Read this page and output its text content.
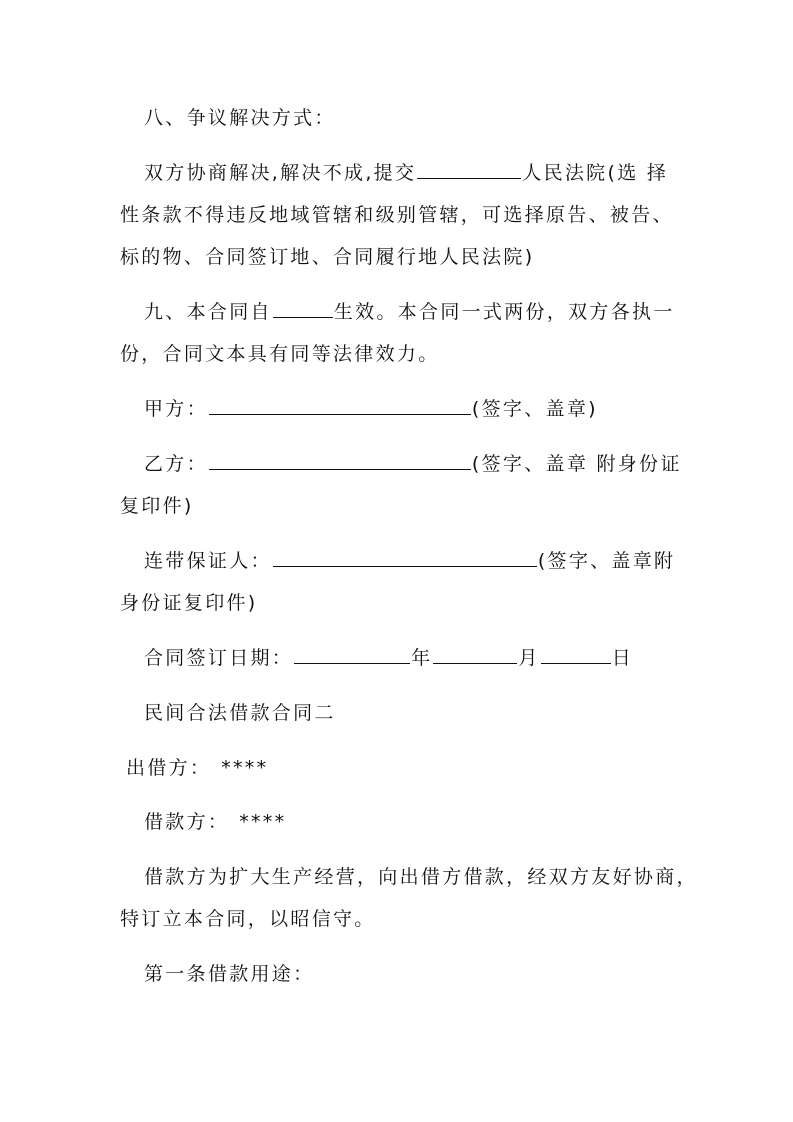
八、争议解决方式：
双方协商解决,解决不成,提交	人民法院(选 择
性条款不得违反地域管辖和级别管辖，可选择原告、被告、
标的物、合同签订地、合同履行地人民法院)
九、本合同自	生效。本合同一式两份，双方各执一
份，合同文本具有同等法律效力。
甲方：	(签字、盖章)
乙方：	(签字、盖章 附身份证
复印件)
连带保证人：	(签字、盖章附
身份证复印件)
合同签订日期：	年	月	日
民间合法借款合同二
出借方： ****
借款方： ****
借款方为扩大生产经营，向出借方借款，经双方友好协商，
特订立本合同，以昭信守。
第一条借款用途：
